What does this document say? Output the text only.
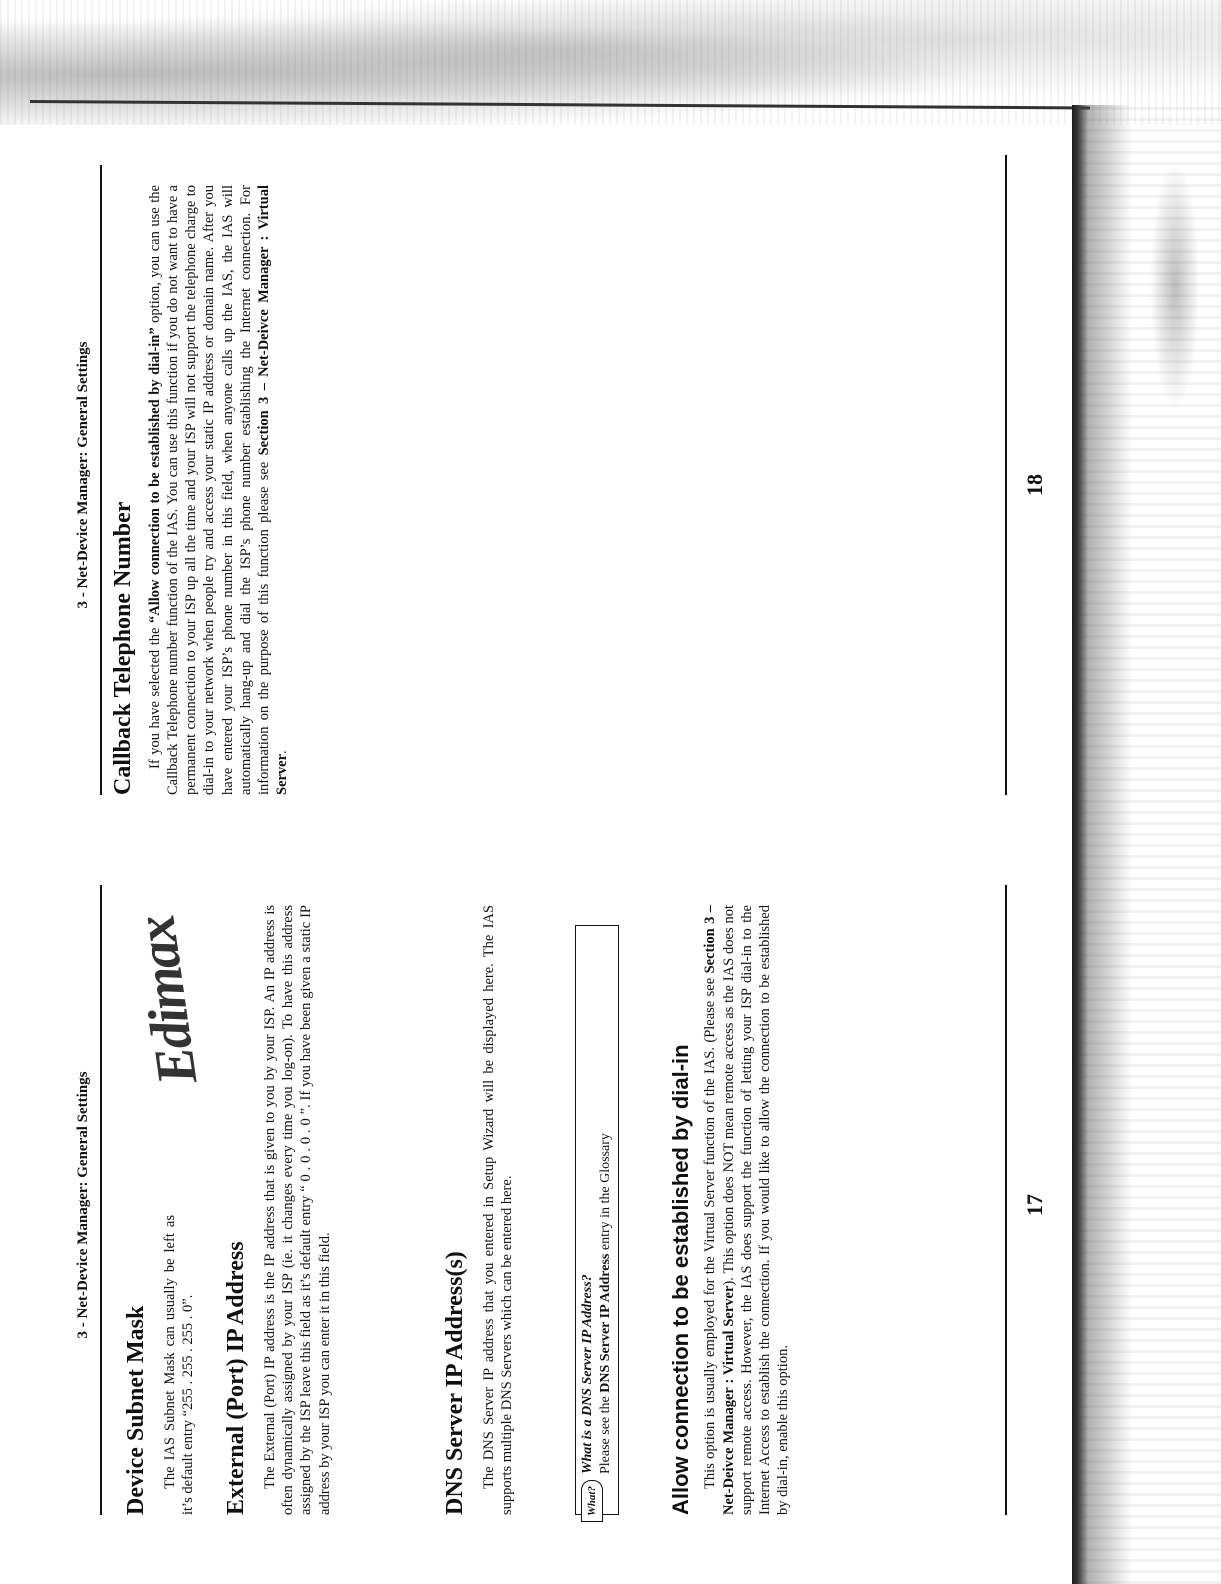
3 - Net-Device Manager: General Settings
Device Subnet Mask The IAS Subnet Mask can usually be left as it’s default entry “255 . 255 . 255 . 0”. External (Port) IP Address The External (Port) IP address is the IP address that is given to you by your ISP. An IP address is often dynamically assigned by your ISP (ie. it changes every time you log-on). To have this address assigned by the ISP leave this field as it’s default entry “ 0 . 0 . 0 . 0 ”. If you have been given a static IP address by your ISP you can enter it in this field.

Edimax
DNS Server IP Address(s) The DNS Server IP address that you entered in Setup Wizard will be displayed here. The IAS supports multiple DNS Servers which can be entered here.	What?
What is a DNS Server IP Address? Please see the DNS Server IP Address entry in the Glossary Allow connection to be established by dial-in This option is usually employed for the Virtual Server function of the IAS. (Please see Section 3 – Net-Deivce Manager : Virtual Server). This option does NOT mean remote access as the IAS does not support remote access. However, the IAS does support the function of letting your ISP dial-in to the Internet Access to establish the connection. If you would like to allow the connection to be established by dial-in, enable this option.

17
3 - Net-Device Manager: General Settings
Callback Telephone Number If you have selected the “Allow connection to be established by dial-in” option, you can use the Callback Telephone number function of the IAS. You can use this function if you do not want to have a permanent connection to your ISP up all the time and your ISP will not support the telephone charge to dial-in to your network when people try and access your static IP address or domain name. After you have entered your ISP’s phone number in this field, when anyone calls up the IAS, the IAS will automatically hang-up and dial the ISP’s phone number establishing the Internet connection. For information on the purpose of this function please see Section 3 – Net-Deivce Manager : Virtual Server.

18
